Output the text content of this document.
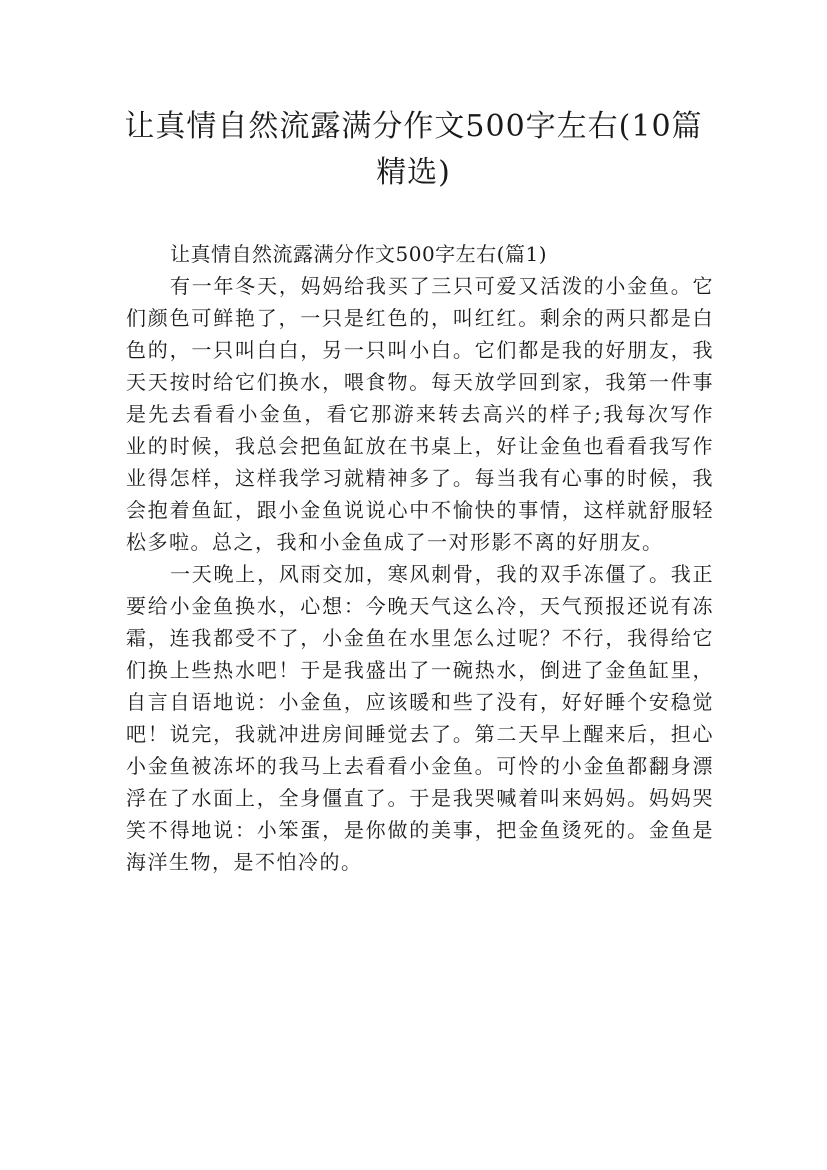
让真情自然流露满分作文500字左右(10篇精选)

让真情自然流露满分作文500字左右(篇1)

有一年冬天，妈妈给我买了三只可爱又活泼的小金鱼。它们颜色可鲜艳了，一只是红色的，叫红红。剩余的两只都是白色的，一只叫白白，另一只叫小白。它们都是我的好朋友，我天天按时给它们换水，喂食物。每天放学回到家，我第一件事是先去看看小金鱼，看它那游来转去高兴的样子;我每次写作业的时候，我总会把鱼缸放在书桌上，好让金鱼也看看我写作业得怎样，这样我学习就精神多了。每当我有心事的时候，我会抱着鱼缸，跟小金鱼说说心中不愉快的事情，这样就舒服轻松多啦。总之，我和小金鱼成了一对形影不离的好朋友。

一天晚上，风雨交加，寒风刺骨，我的双手冻僵了。我正要给小金鱼换水，心想：今晚天气这么冷，天气预报还说有冻霜，连我都受不了，小金鱼在水里怎么过呢？不行，我得给它们换上些热水吧！于是我盛出了一碗热水，倒进了金鱼缸里，自言自语地说：小金鱼，应该暖和些了没有，好好睡个安稳觉吧！说完，我就冲进房间睡觉去了。第二天早上醒来后，担心小金鱼被冻坏的我马上去看看小金鱼。可怜的小金鱼都翻身漂浮在了水面上，全身僵直了。于是我哭喊着叫来妈妈。妈妈哭笑不得地说：小笨蛋，是你做的美事，把金鱼烫死的。金鱼是海洋生物，是不怕冷的。
